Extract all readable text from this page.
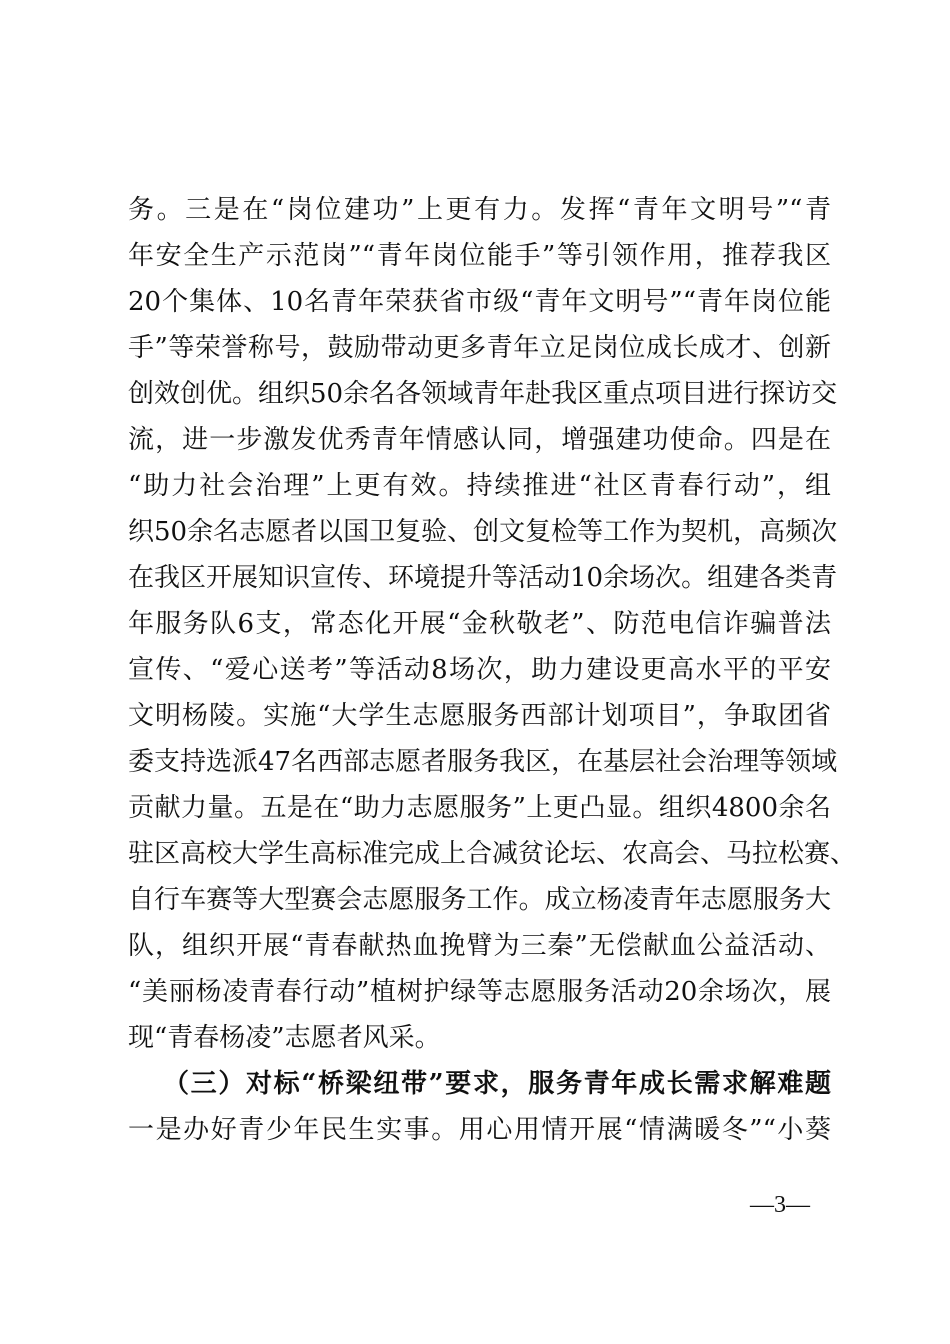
务。三是在“岗位建功”上更有力。发挥“青年文明号”“青
年安全生产示范岗”“青年岗位能手”等引领作用，推荐我区
20个集体、10名青年荣获省市级“青年文明号”“青年岗位能
手”等荣誉称号，鼓励带动更多青年立足岗位成长成才、创新
创效创优。组织50余名各领域青年赴我区重点项目进行探访交
流，进一步激发优秀青年情感认同，增强建功使命。四是在
“助力社会治理”上更有效。持续推进“社区青春行动”，组
织50余名志愿者以国卫复验、创文复检等工作为契机，高频次
在我区开展知识宣传、环境提升等活动10余场次。组建各类青
年服务队6支，常态化开展“金秋敬老”、防范电信诈骗普法
宣传、“爱心送考”等活动8场次，助力建设更高水平的平安
文明杨陵。实施“大学生志愿服务西部计划项目”，争取团省
委支持选派47名西部志愿者服务我区，在基层社会治理等领域
贡献力量。五是在“助力志愿服务”上更凸显。组织4800余名
驻区高校大学生高标准完成上合减贫论坛、农高会、马拉松赛、
自行车赛等大型赛会志愿服务工作。成立杨凌青年志愿服务大
队，组织开展“青春献热血挽臂为三秦”无偿献血公益活动、
“美丽杨凌青春行动”植树护绿等志愿服务活动20余场次，展
现“青春杨凌”志愿者风采。
（三）对标“桥梁纽带”要求，服务青年成长需求解难题
一是办好青少年民生实事。用心用情开展“情满暖冬”“小葵
—3—
